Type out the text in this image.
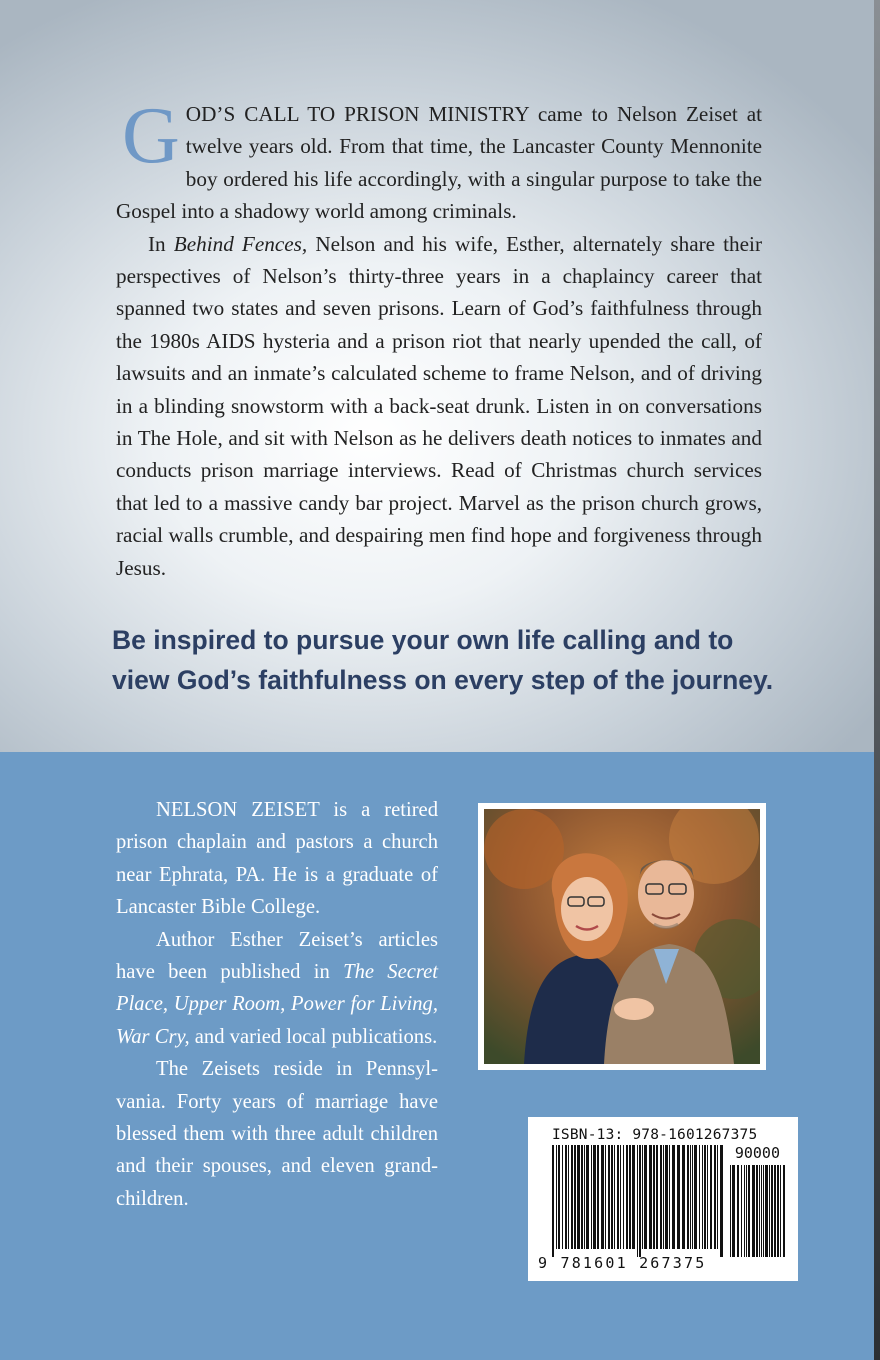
GOD’S CALL TO PRISON MINISTRY came to Nelson Zeiset at twelve years old. From that time, the Lancaster County Mennonite boy ordered his life accordingly, with a singular purpose to take the Gospel into a shadowy world among criminals.

In Behind Fences, Nelson and his wife, Esther, alternately share their perspectives of Nelson’s thirty-three years in a chaplaincy career that spanned two states and seven prisons. Learn of God’s faithfulness through the 1980s AIDS hysteria and a prison riot that nearly upended the call, of lawsuits and an inmate’s calculated scheme to frame Nelson, and of driving in a blinding snowstorm with a back-seat drunk. Listen in on conversations in The Hole, and sit with Nelson as he delivers death notices to inmates and conducts prison marriage interviews. Read of Christmas church services that led to a massive candy bar project. Marvel as the prison church grows, racial walls crumble, and despairing men find hope and forgiveness through Jesus.

Be inspired to pursue your own life calling and to view God’s faithfulness on every step of the journey.

NELSON ZEISET is a retired prison chaplain and pastors a church near Ephrata, PA. He is a graduate of Lancaster Bible College.

Author Esther Zeiset’s articles have been published in The Secret Place, Upper Room, Power for Living, War Cry, and varied local publications.

The Zeisets reside in Pennsyl-vania. Forty years of marriage have blessed them with three adult children and their spouses, and eleven grand-children.

ISBN-13: 978-1601267375
90000
9 781601 267375
